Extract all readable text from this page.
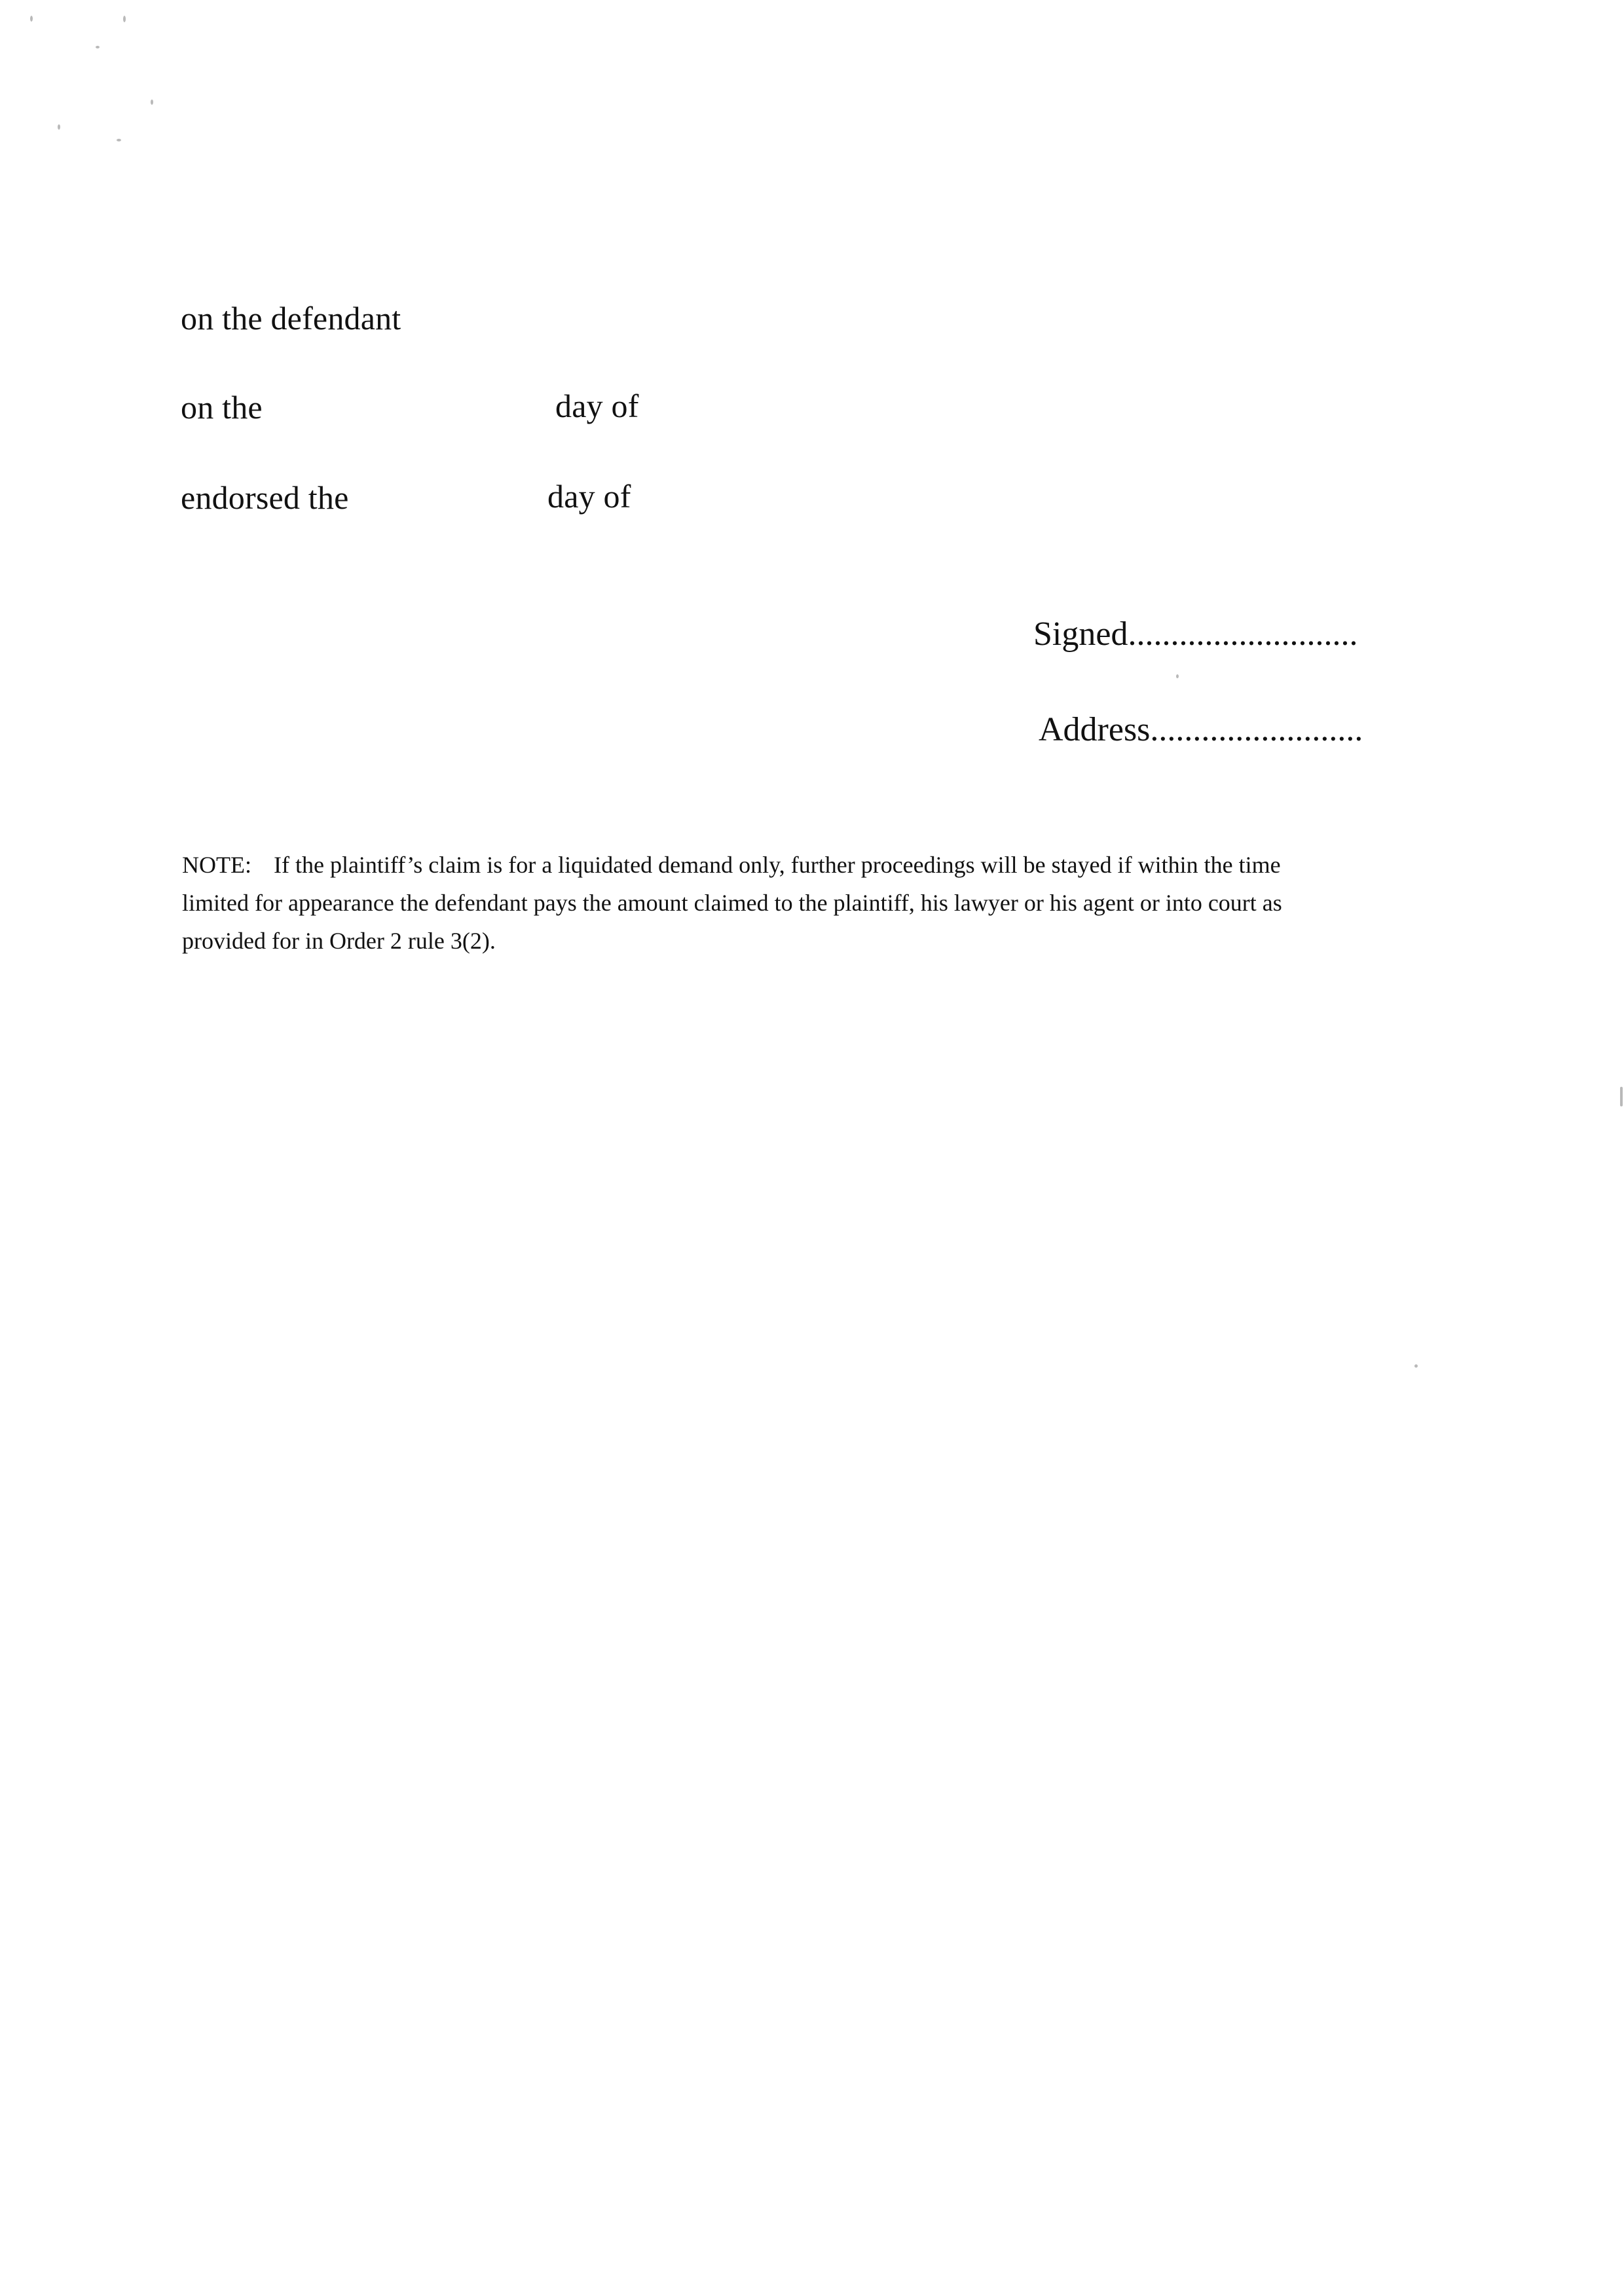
on the defendant
on the	day of
endorsed the	day of
Signed...........................
Address.........................
NOTE: If the plaintiff’s claim is for a liquidated demand only, further proceedings will be stayed if within the time limited for appearance the defendant pays the amount claimed to the plaintiff, his lawyer or his agent or into court as provided for in Order 2 rule 3(2).
